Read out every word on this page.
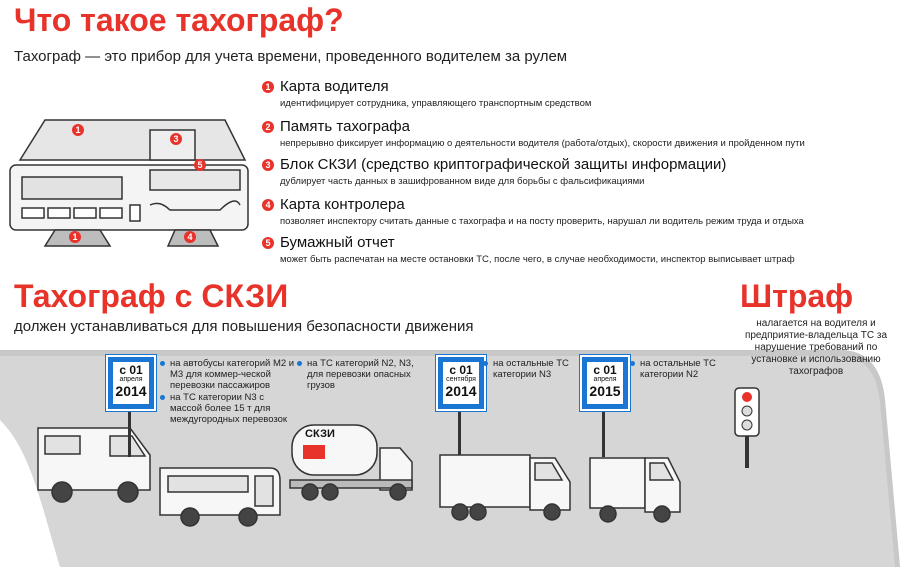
Что такое тахограф?
Тахограф — это прибор для учета времени, проведенного водителем за рулем
1
3
5
1	4
1 Карта водителя
идентифицирует сотрудника, управляющего транспортным средством
2 Память тахографа
непрерывно фиксирует информацию о деятельности водителя (работа/отдых), скорости движения и пройденном пути
3 Блок СКЗИ (средство криптографической защиты информации)
дублирует часть данных в зашифрованном виде для борьбы с фальсификациями
4 Карта контролера
позволяет инспектору считать данные с тахографа и на посту проверить, нарушал ли водитель режим труда и отдыха
5 Бумажный отчет
может быть распечатан на месте остановки ТС, после чего, в случае необходимости, инспектор выписывает штраф
Тахограф с СКЗИ
должен устанавливаться для повышения безопасности движения
Штраф
налагается на водителя и предприятие-владельца ТС за нарушение требований по установке и использованию тахографов
с 01
апреля
2014
с 01
сентября
2014
с 01
апреля
2015
на автобусы категорий М2 и М3 для коммер-ческой перевозки пассажиров
на ТС категории N3 с массой более 15 т для междугородных перевозок
на ТС категорий N2, N3, для перевозки опасных грузов
на остальные ТС категории N3
на остальные ТС категории N2
СКЗИ
